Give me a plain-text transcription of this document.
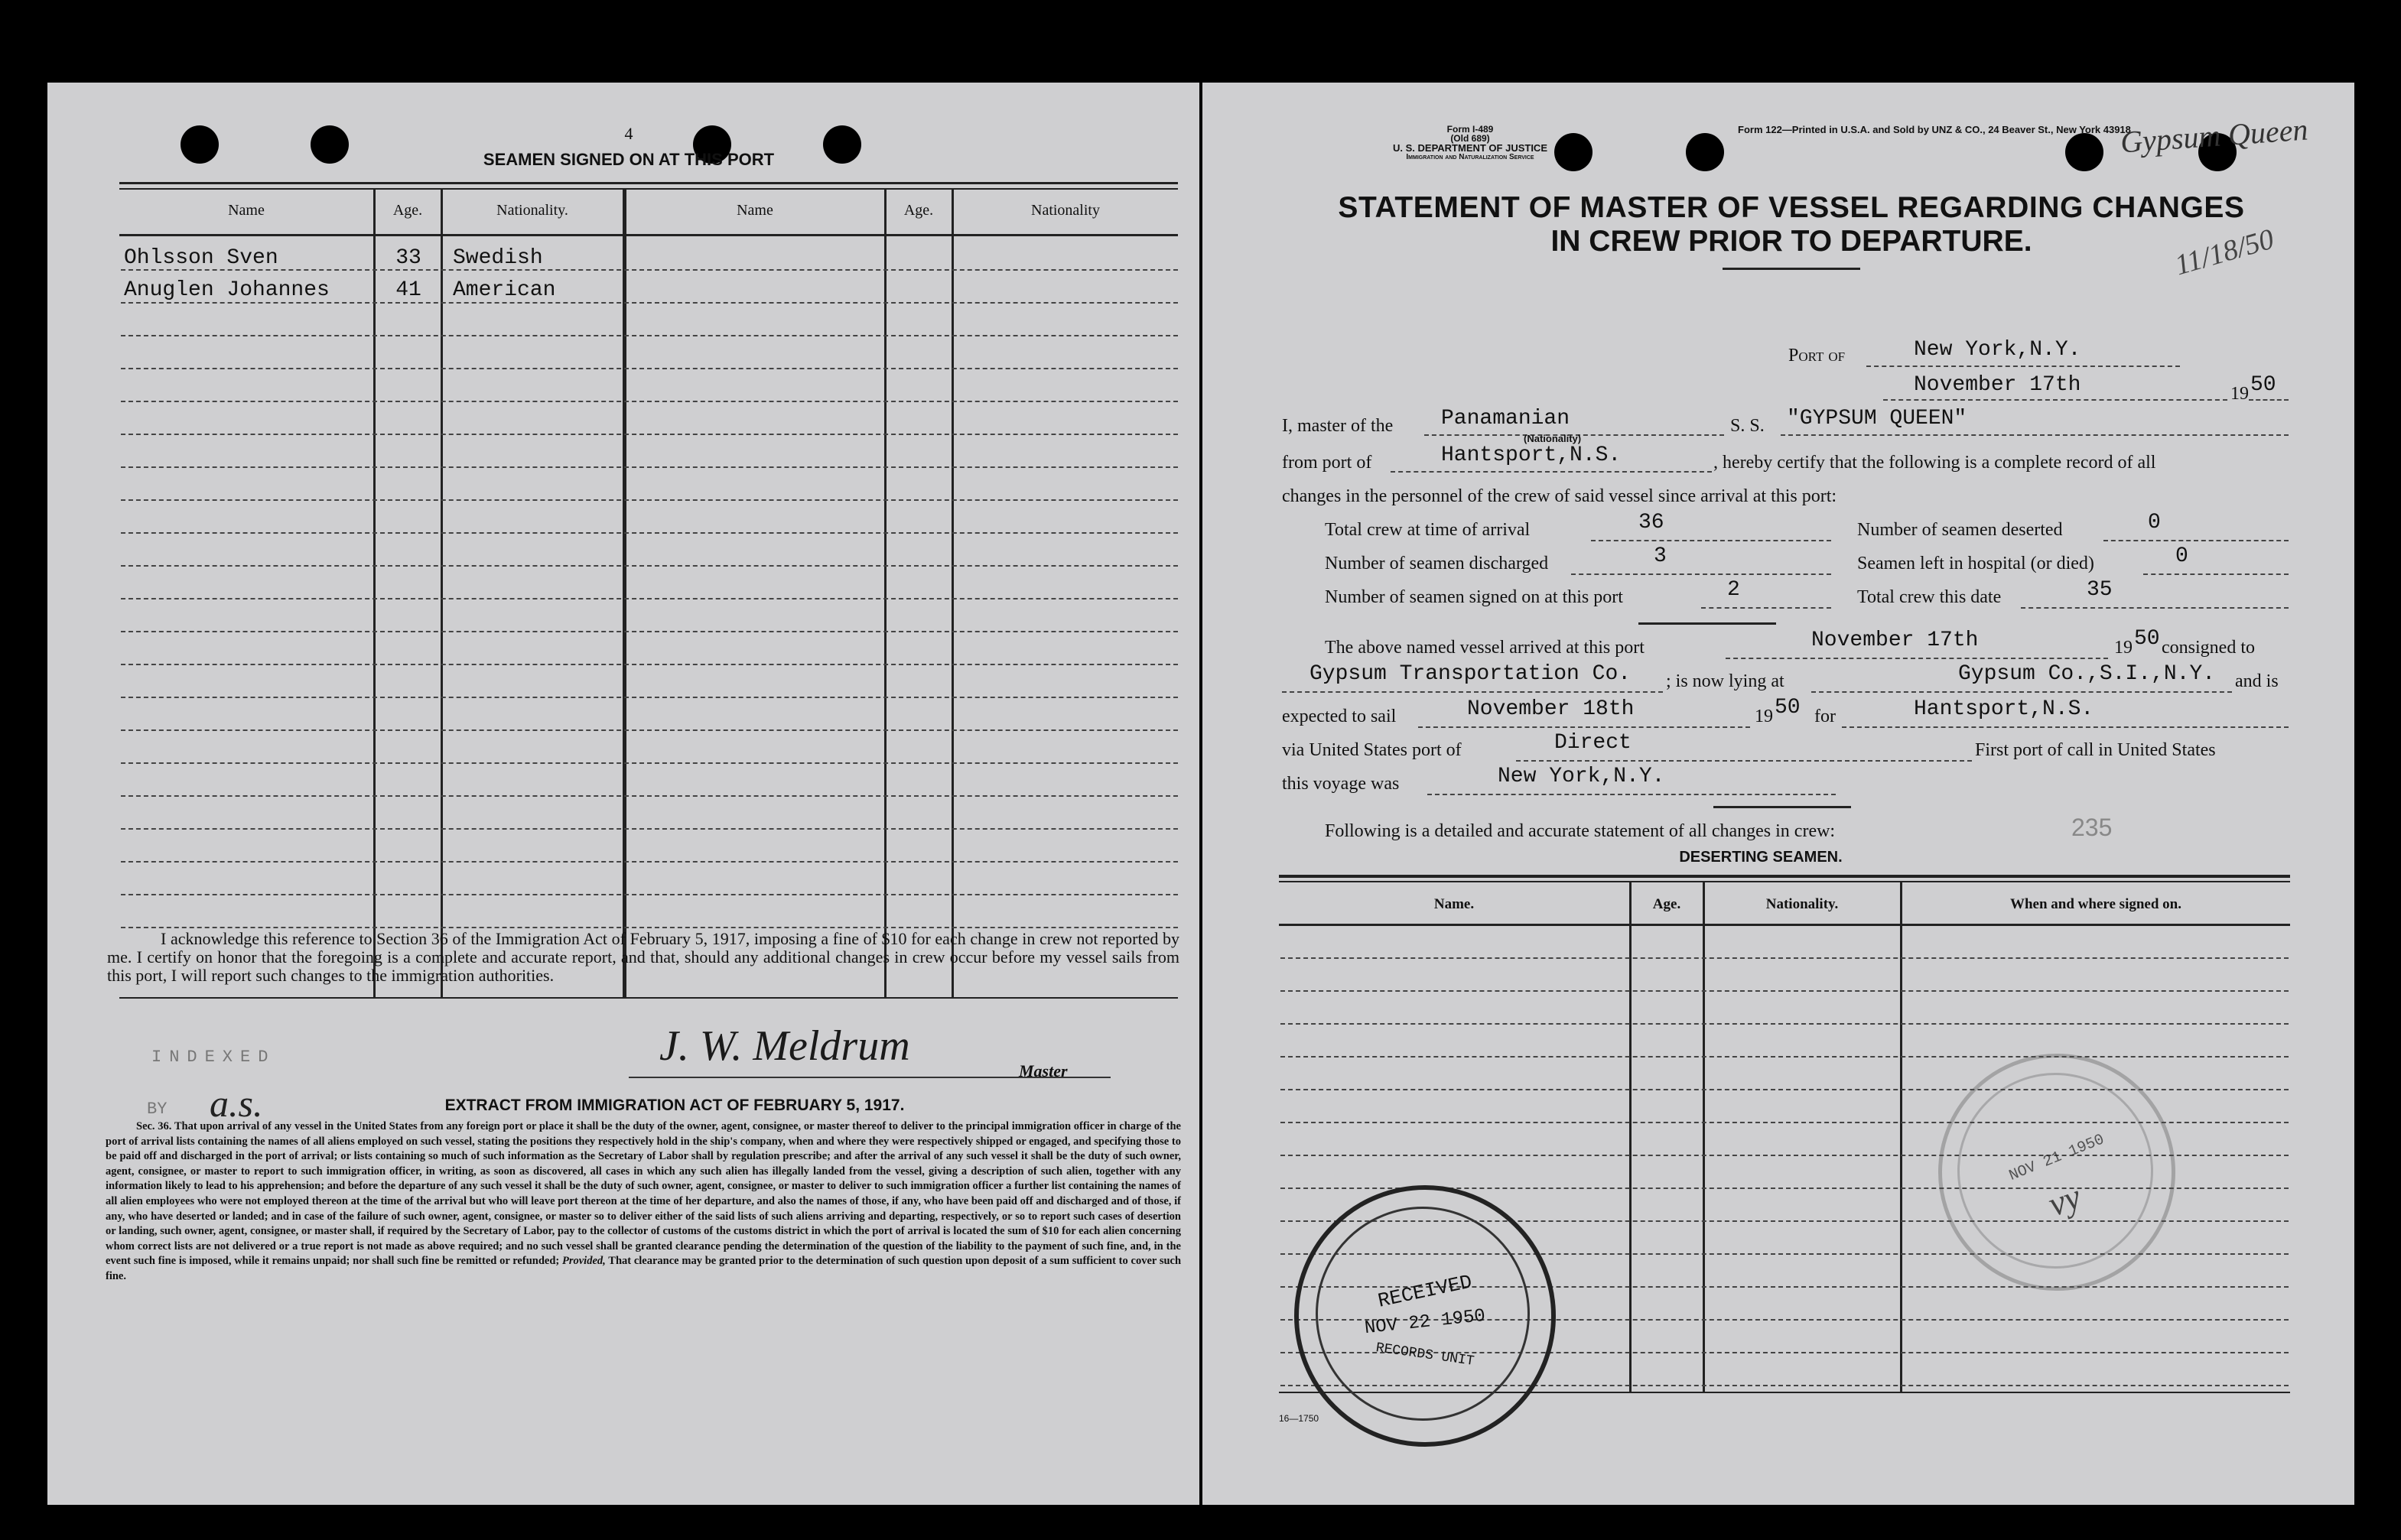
4
SEAMEN SIGNED ON AT THIS PORT
Name	Age.	Nationality.	Name	Age.	Nationality
Ohlsson Sven	33	Swedish
Anuglen Johannes	41	American
I acknowledge this reference to Section 36 of the Immigration Act of February 5, 1917, imposing a fine of $10 for each change in crew not reported by me. I certify on honor that the foregoing is a complete and accurate report, and that, should any additional changes in crew occur before my vessel sails from this port, I will report such changes to the immigration authorities.
INDEXED
BY a.s.
J. W. Meldrum
Master
EXTRACT FROM IMMIGRATION ACT OF FEBRUARY 5, 1917.
Sec. 36. That upon arrival of any vessel in the United States from any foreign port or place it shall be the duty of the owner, agent, consignee, or master thereof to deliver to the principal immigration officer in charge of the port of arrival lists containing the names of all aliens employed on such vessel, stating the positions they respectively hold in the ship's company, when and where they were respectively shipped or engaged, and specifying those to be paid off and discharged in the port of arrival; or lists containing so much of such information as the Secretary of Labor shall by regulation prescribe; and after the arrival of any such vessel it shall be the duty of such owner, agent, consignee, or master to report to such immigration officer, in writing, as soon as discovered, all cases in which any such alien has illegally landed from the vessel, giving a description of such alien, together with any information likely to lead to his apprehension; and before the departure of any such vessel it shall be the duty of such owner, agent, consignee, or master to deliver to such immigration officer a further list containing the names of all alien employees who were not employed thereon at the time of the arrival but who will leave port thereon at the time of her departure, and also the names of those, if any, who have been paid off and discharged and of those, if any, who have deserted or landed; and in case of the failure of such owner, agent, consignee, or master so to deliver either of the said lists of such aliens arriving and departing, respectively, or so to report such cases of desertion or landing, such owner, agent, consignee, or master shall, if required by the Secretary of Labor, pay to the collector of customs of the customs district in which the port of arrival is located the sum of $10 for each alien concerning whom correct lists are not delivered or a true report is not made as above required; and no such vessel shall be granted clearance pending the determination of the question of the liability to the payment of such fine, and, in the event such fine is imposed, while it remains unpaid; nor shall such fine be remitted or refunded; Provided, That clearance may be granted prior to the determination of such question upon deposit of a sum sufficient to cover such fine.
Form I-489
(Old 689)
U. S. DEPARTMENT OF JUSTICE
Immigration and Naturalization Service
Form 122—Printed in U.S.A. and Sold by UNZ & CO., 24 Beaver St., New York 43918
Gypsum Queen
11/18/50
STATEMENT OF MASTER OF VESSEL REGARDING CHANGES
IN CREW PRIOR TO DEPARTURE.
Port of	New York,N.Y.
November 17th	19 50
I, master of the Panamanian
(Nationality)
S. S. "GYPSUM QUEEN"
from port of	Hantsport,N.S.	, hereby certify that the following is a complete record of all
changes in the personnel of the crew of said vessel since arrival at this port:
Total crew at time of arrival	36	Number of seamen deserted	0
Number of seamen discharged	3	Seamen left in hospital (or died)	0
Number of seamen signed on at this port	2	Total crew this date	35
The above named vessel arrived at this port	November 17th	19 50 consigned to
Gypsum Transportation Co. ; is now lying at	Gypsum Co.,S.I.,N.Y. and is
expected to sail	November 18th	19 50 for	Hantsport,N.S.
via United States port of	Direct	First port of call in United States
this voyage was	New York,N.Y.
Following is a detailed and accurate statement of all changes in crew:	235
DESERTING SEAMEN.
Name.	Age.	Nationality.	When and where signed on.
NOV 21 1950
vy
RECEIVED
NOV 22 1950
RECORDS UNIT
16—1750
